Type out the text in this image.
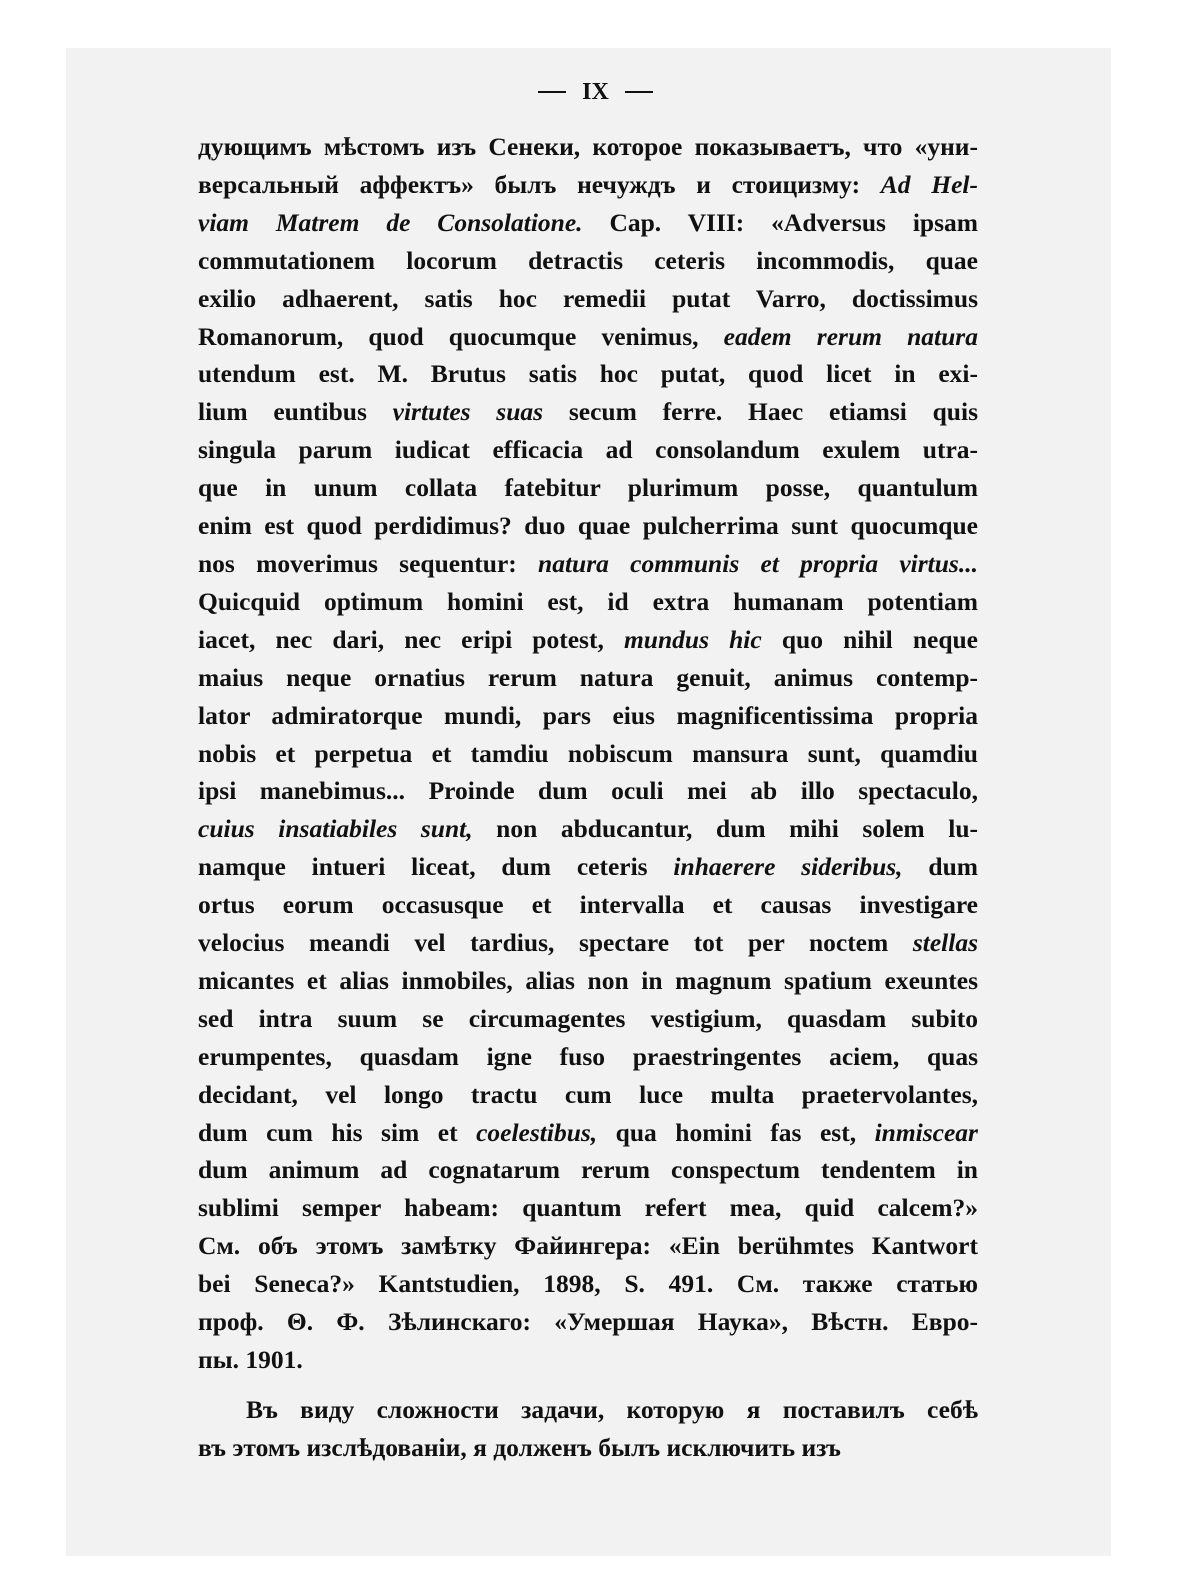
IX
дующимъ мѣстомъ изъ Сенеки, которое показываетъ, что «уни-
версальный аффектъ» былъ нечуждъ и стоицизму: Ad Hel-
viam Matrem de Consolatione. Cap. VIII: «Adversus ipsam
commutationem locorum detractis ceteris incommodis, quae
exilio adhaerent, satis hoc remedii putat Varro, doctissimus
Romanorum, quod quocumque venimus, eadem rerum natura
utendum est. M. Brutus satis hoc putat, quod licet in exi-
lium euntibus virtutes suas secum ferre. Haec etiamsi quis
singula parum iudicat efficacia ad consolandum exulem utra-
que in unum collata fatebitur plurimum posse, quantulum
enim est quod perdidimus? duo quae pulcherrima sunt quocumque
nos moverimus sequentur: natura communis et propria virtus...
Quicquid optimum homini est, id extra humanam potentiam
iacet, nec dari, nec eripi potest, mundus hic quo nihil neque
maius neque ornatius rerum natura genuit, animus contemp-
lator admiratorque mundi, pars eius magnificentissima propria
nobis et perpetua et tamdiu nobiscum mansura sunt, quamdiu
ipsi manebimus... Proinde dum oculi mei ab illo spectaculo,
cuius insatiabiles sunt, non abducantur, dum mihi solem lu-
namque intueri liceat, dum ceteris inhaerere sideribus, dum
ortus eorum occasusque et intervalla et causas investigare
velocius meandi vel tardius, spectare tot per noctem stellas
micantes et alias inmobiles, alias non in magnum spatium exeuntes
sed intra suum se circumagentes vestigium, quasdam subito
erumpentes, quasdam igne fuso praestringentes aciem, quas
decidant, vel longo tractu cum luce multa praetervolantes,
dum cum his sim et coelestibus, qua homini fas est, inmiscear
dum animum ad cognatarum rerum conspectum tendentem in
sublimi semper habeam: quantum refert mea, quid calcem?»
См. объ этомъ замѣтку Файингера: «Ein berühmtes Kantwort
bei Seneca?» Kantstudien, 1898, S. 491. См. также статью
проф. Θ. Ф. Зѣлинскаго: «Умершая Наука», Вѣстн. Евро-
пы. 1901.
Въ виду сложности задачи, которую я поставилъ себѣ
въ этомъ изслѣдованіи, я долженъ былъ исключить изъ
